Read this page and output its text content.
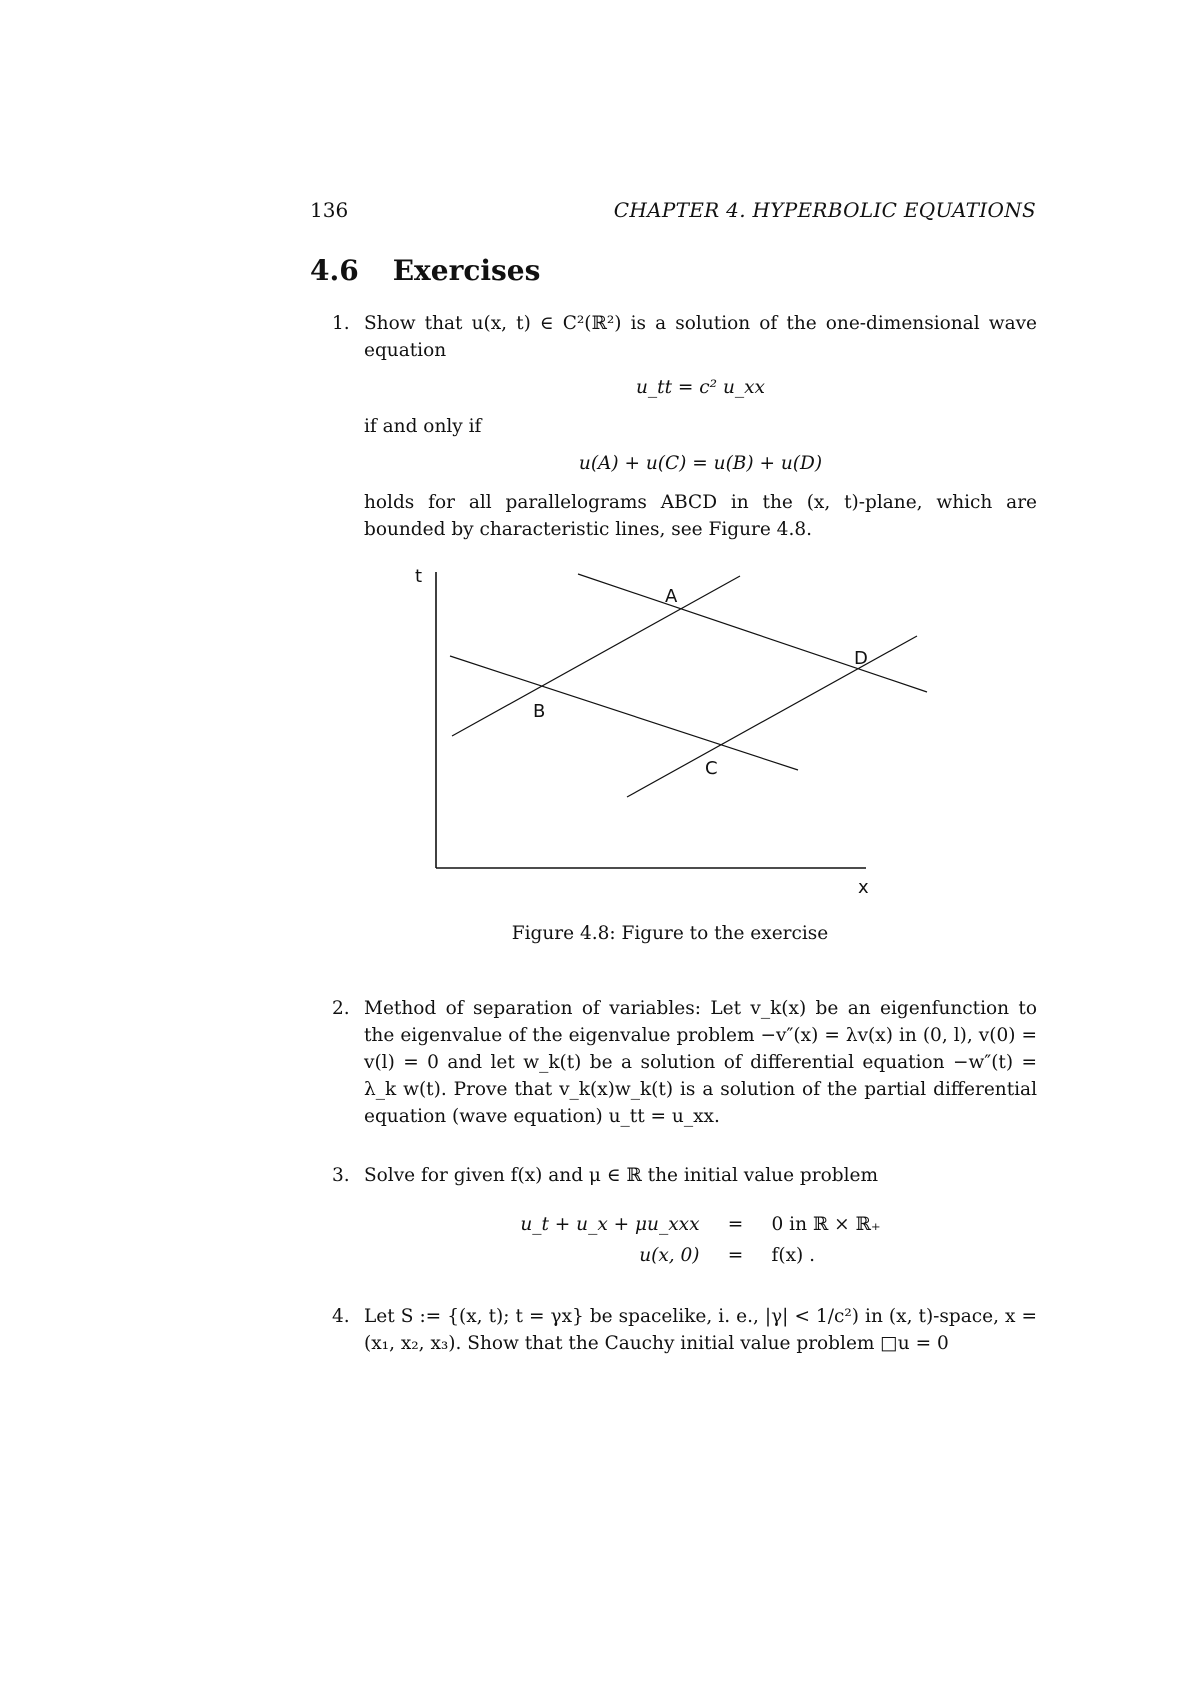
136	CHAPTER 4. HYPERBOLIC EQUATIONS
4.6 Exercises
1. Show that u(x, t) ∈ C²(ℝ²) is a solution of the one-dimensional wave equation
u_tt = c² u_xx
if and only if
u(A) + u(C) = u(B) + u(D)
holds for all parallelograms ABCD in the (x, t)-plane, which are bounded by characteristic lines, see Figure 4.8.
t
x
A
B
C
D
Figure 4.8: Figure to the exercise
2. Method of separation of variables: Let v_k(x) be an eigenfunction to the eigenvalue of the eigenvalue problem −v″(x) = λv(x) in (0, l), v(0) = v(l) = 0 and let w_k(t) be a solution of differential equation −w″(t) = λ_k w(t). Prove that v_k(x)w_k(t) is a solution of the partial differential equation (wave equation) u_tt = u_xx.
3. Solve for given f(x) and μ ∈ ℝ the initial value problem
u_t + u_x + μu_xxx	=	0 in ℝ × ℝ₊
u(x, 0)	=	f(x) .
4. Let S := {(x, t); t = γx} be spacelike, i. e., |γ| < 1/c²) in (x, t)-space, x = (x₁, x₂, x₃). Show that the Cauchy initial value problem □u = 0
